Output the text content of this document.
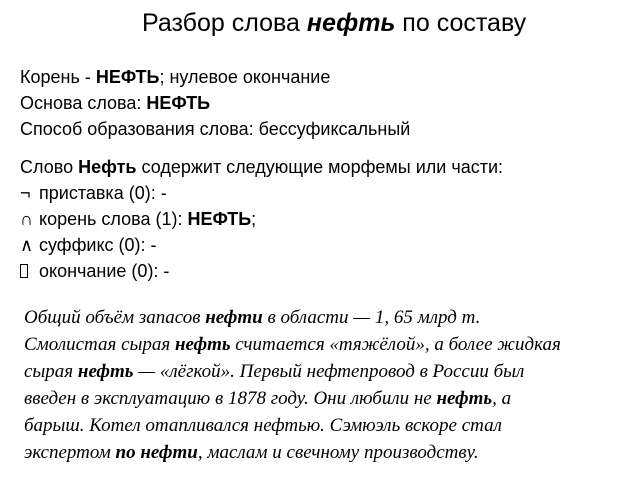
Разбор слова нефть по составу
Корень - НЕФТЬ; нулевое окончание
Основа слова: НЕФТЬ
Способ образования слова: бессуфиксальный
Слово Нефть содержит следующие морфемы или части:
¬ приставка (0): -
∩ корень слова (1): НЕФТЬ;
∧ суффикс (0): -
окончание (0): -
Общий объём запасов нефти в области — 1, 65 млрд т.
Смолистая сырая нефть считается «тяжёлой», а более жидкая
сырая нефть — «лёгкой». Первый нефтепровод в России был
введен в эксплуатацию в 1878 году. Они любили не нефть, а
барыш. Котел отапливался нефтью. Сэмюэль вскоре стал
экспертом по нефти, маслам и свечному производству.
